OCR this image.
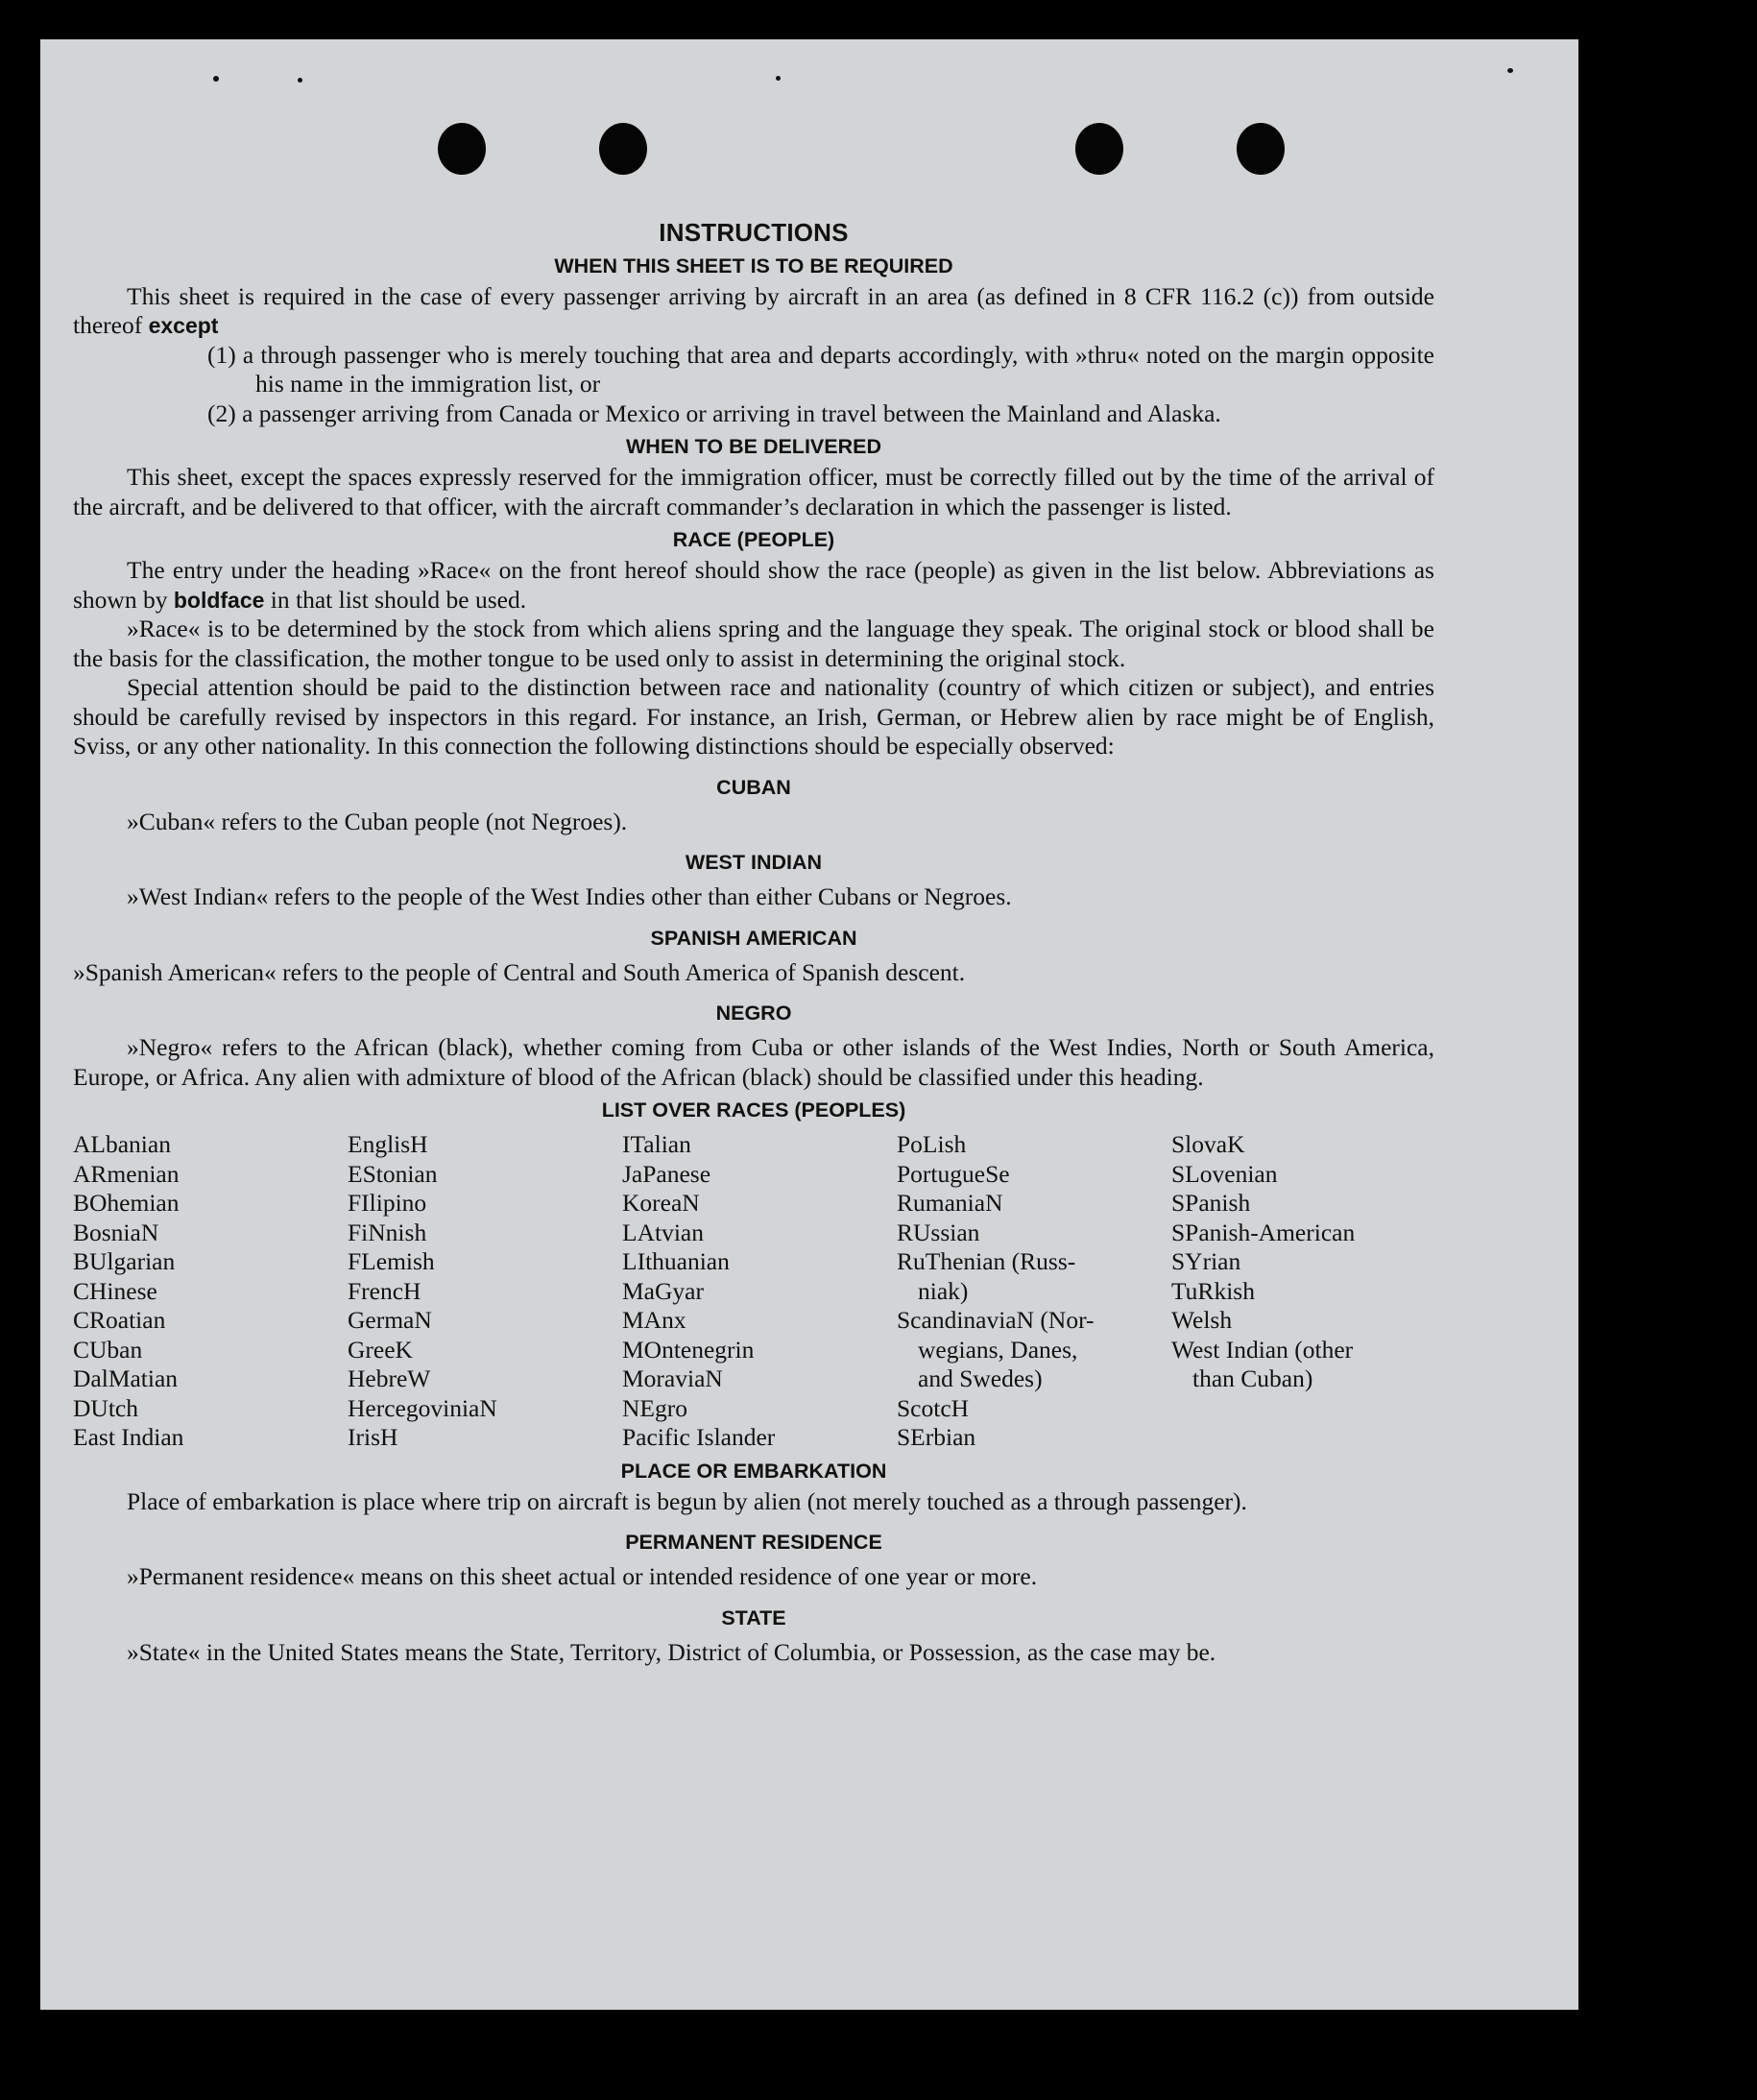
INSTRUCTIONS
WHEN THIS SHEET IS TO BE REQUIRED

This sheet is required in the case of every passenger arriving by aircraft in an area (as defined in 8 CFR 116.2 (c)) from outside thereof except

(1) a through passenger who is merely touching that area and departs accordingly, with »thru« noted on the margin opposite his name in the immigration list, or

(2) a passenger arriving from Canada or Mexico or arriving in travel between the Mainland and Alaska.

WHEN TO BE DELIVERED

This sheet, except the spaces expressly reserved for the immigration officer, must be correctly filled out by the time of the arrival of the aircraft, and be delivered to that officer, with the aircraft commander’s declaration in which the passenger is listed.

RACE (PEOPLE)

The entry under the heading »Race« on the front hereof should show the race (people) as given in the list below. Abbreviations as shown by boldface in that list should be used.

»Race« is to be determined by the stock from which aliens spring and the language they speak. The original stock or blood shall be the basis for the classification, the mother tongue to be used only to assist in determining the original stock.

Special attention should be paid to the distinction between race and nationality (country of which citizen or subject), and entries should be carefully revised by inspectors in this regard. For instance, an Irish, German, or Hebrew alien by race might be of English, Sviss, or any other nationality. In this connection the following distinctions should be especially observed:

CUBAN

»Cuban« refers to the Cuban people (not Negroes).

WEST INDIAN

»West Indian« refers to the people of the West Indies other than either Cubans or Negroes.

SPANISH AMERICAN

»Spanish American« refers to the people of Central and South America of Spanish descent.

NEGRO

»Negro« refers to the African (black), whether coming from Cuba or other islands of the West Indies, North or South America, Europe, or Africa. Any alien with admixture of blood of the African (black) should be classified under this heading.

LIST OVER RACES (PEOPLES)
ALbanian
ARmenian
BOhemian
BosniaN
BUlgarian
CHinese
CRoatian
CUban
DalMatian
DUtch
East Indian
EnglisH
EStonian
FIlipino
FiNnish
FLemish
FrencH
GermaN
GreeK
HebreW
HercegoviniaN
IrisH
ITalian
JaPanese
KoreaN
LAtvian
LIthuanian
MaGyar
MAnx
MOntenegrin
MoraviaN
NEgro
Pacific Islander
PoLish
PortugueSe
RumaniaN
RUssian
RuThenian (Russ-
niak)
ScandinaviaN (Nor-
wegians, Danes,
and Swedes)
ScotcH
SErbian
SlovaK
SLovenian
SPanish
SPanish-American
SYrian
TuRkish
Welsh
West Indian (other
than Cuban)
PLACE OR EMBARKATION

Place of embarkation is place where trip on aircraft is begun by alien (not merely touched as a through passenger).

PERMANENT RESIDENCE

»Permanent residence« means on this sheet actual or intended residence of one year or more.

STATE

»State« in the United States means the State, Territory, District of Columbia, or Possession, as the case may be.
